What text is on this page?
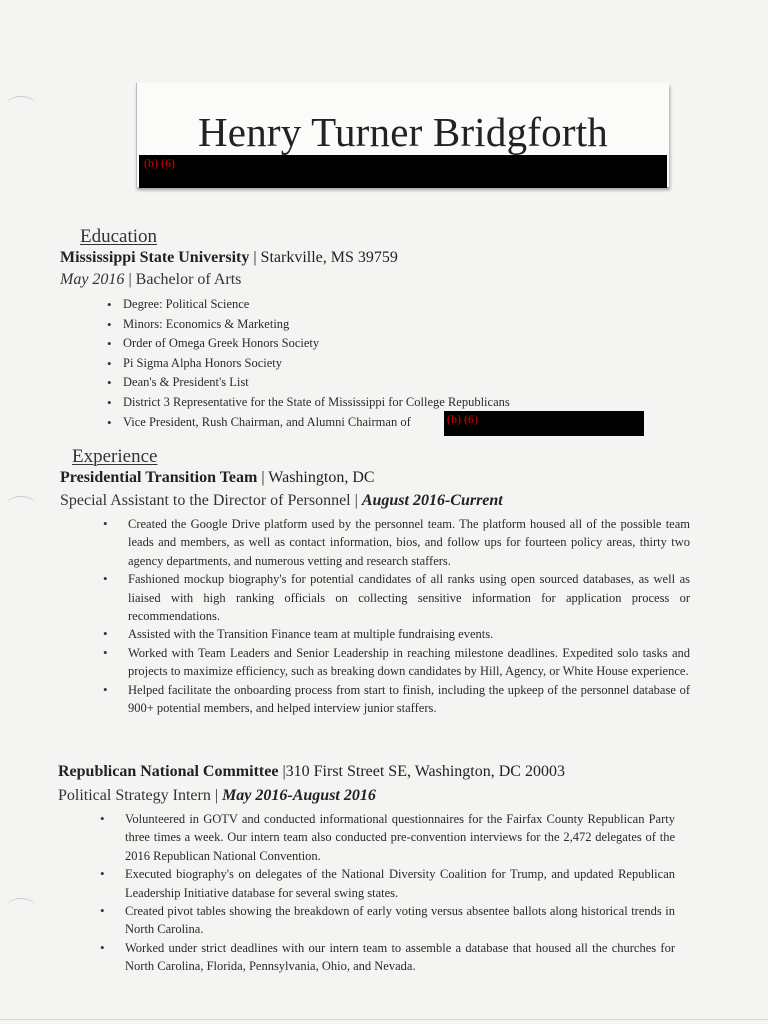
Henry Turner Bridgforth
(b) (6)
Education
Mississippi State University | Starkville, MS 39759
May 2016 | Bachelor of Arts
• Degree: Political Science
• Minors: Economics & Marketing
• Order of Omega Greek Honors Society
• Pi Sigma Alpha Honors Society
• Dean's & President's List
• District 3 Representative for the State of Mississippi for College Republicans
• Vice President, Rush Chairman, and Alumni Chairman of	(b) (6)
Experience
Presidential Transition Team | Washington, DC
Special Assistant to the Director of Personnel | August 2016-Current
• Created the Google Drive platform used by the personnel team. The platform housed all of the possible team leads and members, as well as contact information, bios, and follow ups for fourteen policy areas, thirty two agency departments, and numerous vetting and research staffers.
• Fashioned mockup biography's for potential candidates of all ranks using open sourced databases, as well as liaised with high ranking officials on collecting sensitive information for application process or recommendations.
• Assisted with the Transition Finance team at multiple fundraising events.
• Worked with Team Leaders and Senior Leadership in reaching milestone deadlines. Expedited solo tasks and projects to maximize efficiency, such as breaking down candidates by Hill, Agency, or White House experience.
• Helped facilitate the onboarding process from start to finish, including the upkeep of the personnel database of 900+ potential members, and helped interview junior staffers.
Republican National Committee |310 First Street SE, Washington, DC 20003
Political Strategy Intern | May 2016-August 2016
• Volunteered in GOTV and conducted informational questionnaires for the Fairfax County Republican Party three times a week. Our intern team also conducted pre-convention interviews for the 2,472 delegates of the 2016 Republican National Convention.
• Executed biography's on delegates of the National Diversity Coalition for Trump, and updated Republican Leadership Initiative database for several swing states.
• Created pivot tables showing the breakdown of early voting versus absentee ballots along historical trends in North Carolina.
• Worked under strict deadlines with our intern team to assemble a database that housed all the churches for North Carolina, Florida, Pennsylvania, Ohio, and Nevada.
